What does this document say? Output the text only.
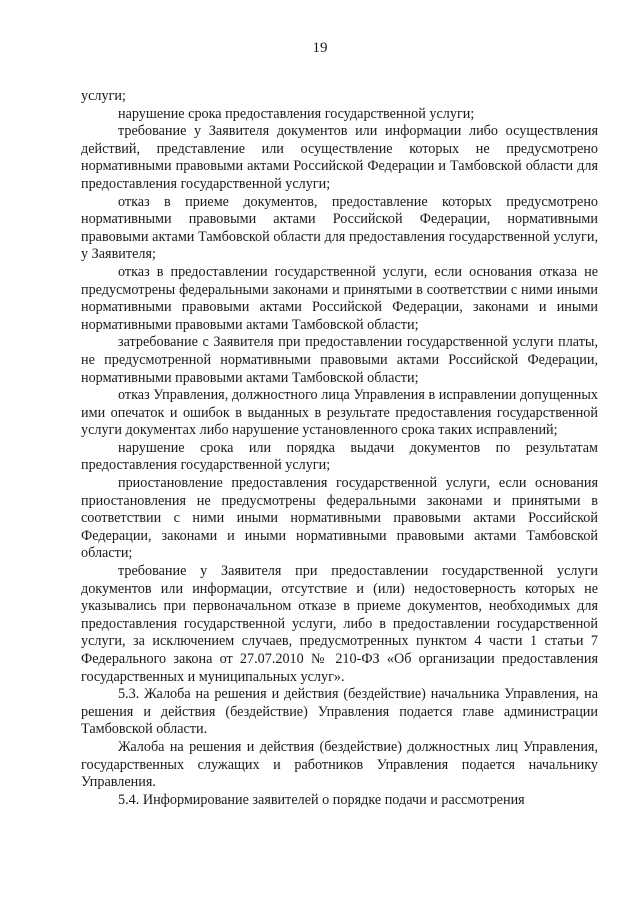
19

услуги;

нарушение срока предоставления государственной услуги;

требование у Заявителя документов или информации либо осуществления действий, представление или осуществление которых не предусмотрено нормативными правовыми актами Российской Федерации и Тамбовской области для предоставления государственной услуги;

отказ в приеме документов, предоставление которых предусмотрено нормативными правовыми актами Российской Федерации, нормативными правовыми актами Тамбовской области для предоставления государственной услуги, у Заявителя;

отказ в предоставлении государственной услуги, если основания отказа не предусмотрены федеральными законами и принятыми в соответствии с ними иными нормативными правовыми актами Российской Федерации, законами и иными нормативными правовыми актами Тамбовской области;

затребование с Заявителя при предоставлении государственной услуги платы, не предусмотренной нормативными правовыми актами Российской Федерации, нормативными правовыми актами Тамбовской области;

отказ Управления, должностного лица Управления в исправлении допущенных ими опечаток и ошибок в выданных в результате предоставления государственной услуги документах либо нарушение установленного срока таких исправлений;

нарушение срока или порядка выдачи документов по результатам предоставления государственной услуги;

приостановление предоставления государственной услуги, если основания приостановления не предусмотрены федеральными законами и принятыми в соответствии с ними иными нормативными правовыми актами Российской Федерации, законами и иными нормативными правовыми актами Тамбовской области;

требование у Заявителя при предоставлении государственной услуги документов или информации, отсутствие и (или) недостоверность которых не указывались при первоначальном отказе в приеме документов, необходимых для предоставления государственной услуги, либо в предоставлении государственной услуги, за исключением случаев, предусмотренных пунктом 4 части 1 статьи 7 Федерального закона от 27.07.2010 № 210-ФЗ «Об организации предоставления государственных и муниципальных услуг».

5.3. Жалоба на решения и действия (бездействие) начальника Управления, на решения и действия (бездействие) Управления подается главе администрации Тамбовской области.

Жалоба на решения и действия (бездействие) должностных лиц Управления, государственных служащих и работников Управления подается начальнику Управления.

5.4. Информирование заявителей о порядке подачи и рассмотрения
